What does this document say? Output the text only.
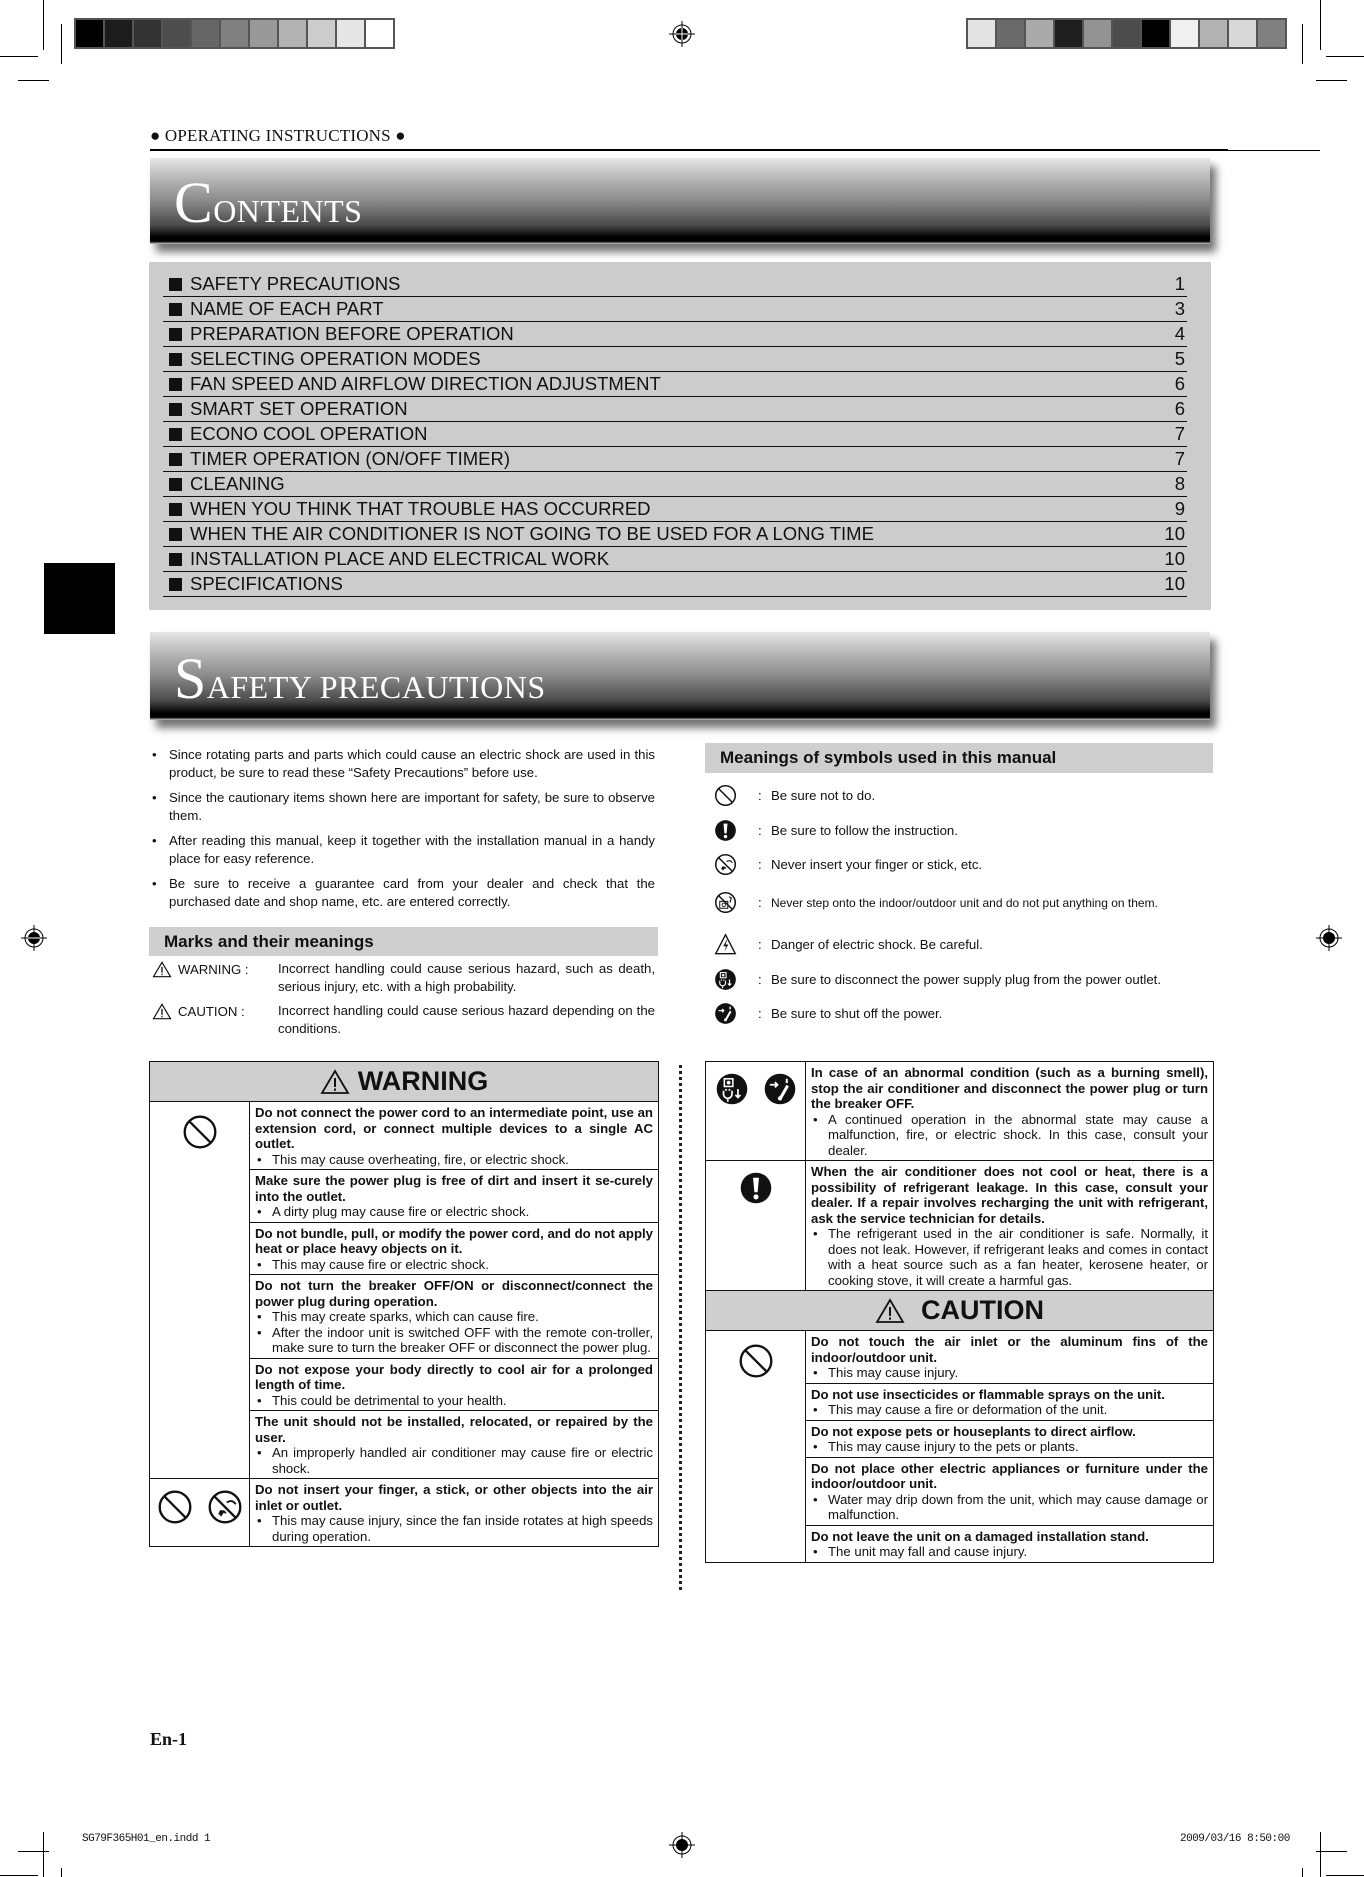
● OPERATING INSTRUCTIONS ●
CONTENTS
SAFETY PRECAUTIONS	1
NAME OF EACH PART	3
PREPARATION BEFORE OPERATION	4
SELECTING OPERATION MODES	5
FAN SPEED AND AIRFLOW DIRECTION ADJUSTMENT	6
SMART SET OPERATION	6
ECONO COOL OPERATION	7
TIMER OPERATION (ON/OFF TIMER)	7
CLEANING	8
WHEN YOU THINK THAT TROUBLE HAS OCCURRED	9
WHEN THE AIR CONDITIONER IS NOT GOING TO BE USED FOR A LONG TIME	10
INSTALLATION PLACE AND ELECTRICAL WORK	10
SPECIFICATIONS	10
SAFETY PRECAUTIONS
• Since rotating parts and parts which could cause an electric shock are used in this product, be sure to read these “Safety Precautions” before use.
• Since the cautionary items shown here are important for safety, be sure to observe them.
• After reading this manual, keep it together with the installation manual in a handy place for easy reference.
• Be sure to receive a guarantee card from your dealer and check that the purchased date and shop name, etc. are entered correctly.
Marks and their meanings
WARNING : Incorrect handling could cause serious hazard, such as death, serious injury, etc. with a high probability.
CAUTION :	Incorrect handling could cause serious hazard depending on the conditions.
Meanings of symbols used in this manual
: Be sure not to do.
: Be sure to follow the instruction.
: Never insert your finger or stick, etc.
: Never step onto the indoor/outdoor unit and do not put anything on them.
: Danger of electric shock. Be careful.
: Be sure to disconnect the power supply plug from the power outlet.
: Be sure to shut off the power.
WARNING
Do not connect the power cord to an intermediate point, use an extension cord, or connect multiple devices to a single AC outlet.
• This may cause overheating, fire, or electric shock.
Make sure the power plug is free of dirt and insert it se-curely into the outlet.
• A dirty plug may cause fire or electric shock.
Do not bundle, pull, or modify the power cord, and do not apply heat or place heavy objects on it.
• This may cause fire or electric shock.
Do not turn the breaker OFF/ON or disconnect/connect the power plug during operation.
• This may create sparks, which can cause fire.
• After the indoor unit is switched OFF with the remote con-troller, make sure to turn the breaker OFF or disconnect the power plug.
Do not expose your body directly to cool air for a prolonged length of time.
• This could be detrimental to your health.
The unit should not be installed, relocated, or repaired by the user.
• An improperly handled air conditioner may cause fire or electric shock.
Do not insert your finger, a stick, or other objects into the air inlet or outlet.
• This may cause injury, since the fan inside rotates at high speeds during operation.
In case of an abnormal condition (such as a burning smell), stop the air conditioner and disconnect the power plug or turn the breaker OFF.
• A continued operation in the abnormal state may cause a malfunction, fire, or electric shock. In this case, consult your dealer.
When the air conditioner does not cool or heat, there is a possibility of refrigerant leakage. In this case, consult your dealer. If a repair involves recharging the unit with refrigerant, ask the service technician for details.
• The refrigerant used in the air conditioner is safe. Normally, it does not leak. However, if refrigerant leaks and comes in contact with a heat source such as a fan heater, kerosene heater, or cooking stove, it will create a harmful gas.
CAUTION
Do not touch the air inlet or the aluminum fins of the indoor/outdoor unit.
• This may cause injury.
Do not use insecticides or flammable sprays on the unit.
• This may cause a fire or deformation of the unit.
Do not expose pets or houseplants to direct airflow.
• This may cause injury to the pets or plants.
Do not place other electric appliances or furniture under the indoor/outdoor unit.
• Water may drip down from the unit, which may cause damage or malfunction.
Do not leave the unit on a damaged installation stand.
• The unit may fall and cause injury.
En-1
SG79F365H01_en.indd 1	2009/03/16 8:50:00
